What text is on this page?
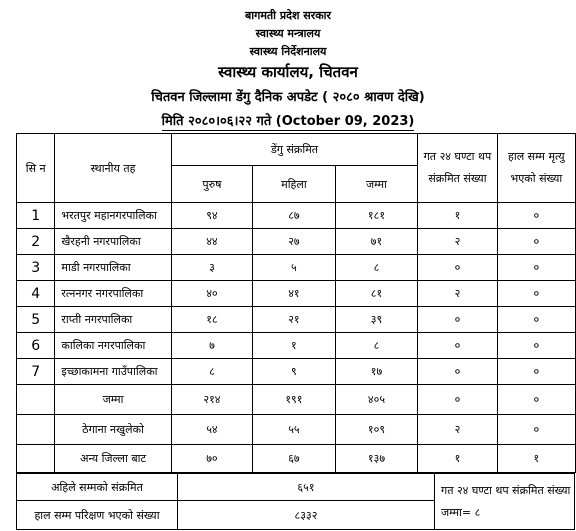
बागमती प्रदेश सरकार
स्वास्थ्य मन्त्रालय
स्वास्थ्य निर्देशनालय
स्वास्थ्य कार्यालय, चितवन
चितवन जिल्लामा डेंगु दैनिक अपडेट ( २०८० श्रावण देखि)
मिति २०८०।०६।२२ गते (October 09, 2023)
सि न	स्थानीय तह	डेंगु संक्रमित			गत २४ घण्टा थप संक्रमित संख्या	हाल सम्म मृत्यु भएको संख्या
		पुरुष	महिला	जम्मा		
1	भरतपुर महानगरपालिका	९४	८७	१८१	१	०
2	खैरहनी नगरपालिका	४४	२७	७१	२	०
3	माडी नगरपालिका	३	५	८	०	०
4	रत्ननगर नगरपालिका	४०	४१	८१	२	०
5	राप्ती नगरपालिका	१८	२१	३९	०	०
6	कालिका नगरपालिका	७	१	८	०	०
7	इच्छाकामना गाउँपालिका	८	९	१७	०	०
	जम्मा	२१४	१९१	४०५	०	०
	ठेगाना नखुलेको	५४	५५	१०९	२	०
	अन्य जिल्ला बाट	७०	६७	१३७	१	१
अहिले सम्मको संक्रमित	६५१	गत २४ घण्टा थप संक्रमित संख्या जम्मा= ८
हाल सम्म परिक्षण भएको संख्या	८३३२	
